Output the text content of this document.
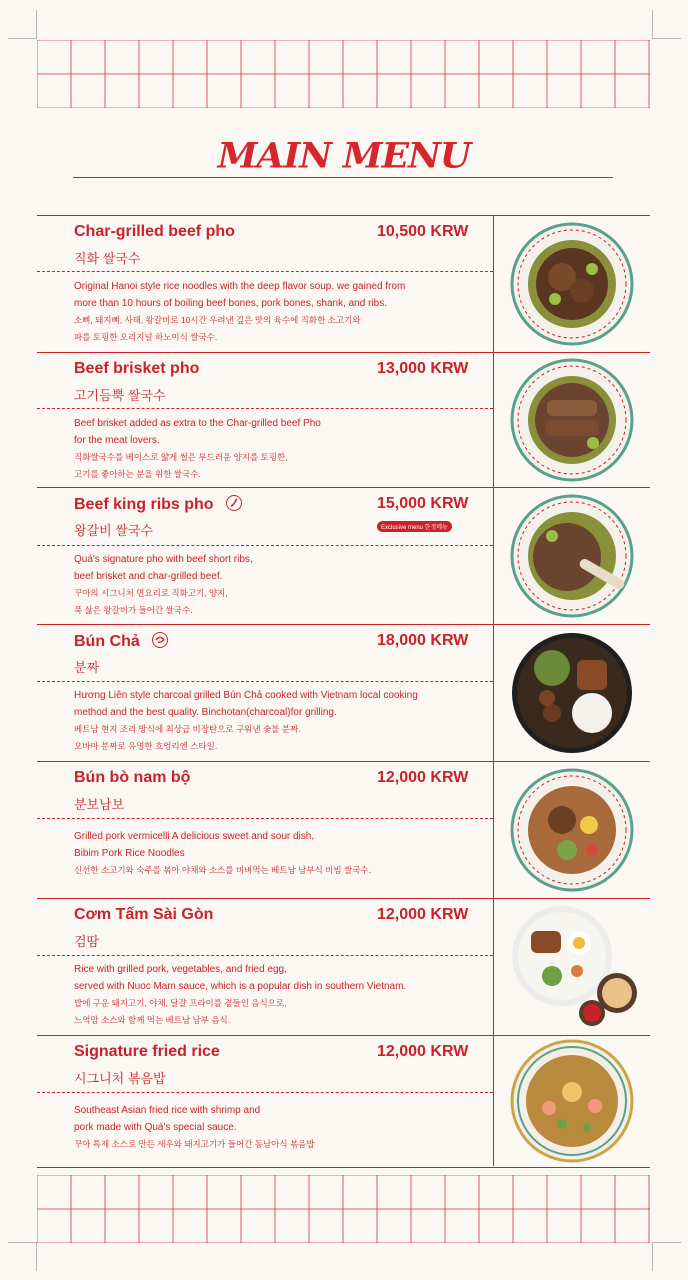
MAIN MENU
Char-grilled beef pho
직화 쌀국수
10,500 KRW
Original Hanoi style rice noodles with the deep flavor soup. we gained from
more than 10 hours of boiling beef bones, pork bones, shank, and ribs.
소뼈, 돼지뼈, 사태, 왕갈비로 10시간 우려낸 깊은 맛의 육수에 직화한 소고기와
파를 토핑한 오리지널 하노이식 쌀국수.
Beef brisket pho
고기듬뿍 쌀국수
13,000 KRW
Beef brisket added as extra to the Char-grilled beef Pho
for the meat lovers.
직화쌀국수를 베이스로 얇게 썰은 부드러운 양지를 토핑한,
고기를 좋아하는 분을 위한 쌀국수.
Beef king ribs pho
왕갈비 쌀국수
15,000 KRW
Exclusive menu 한정메뉴
Quá's signature pho with beef short ribs,
beef brisket and char-grilled beef.
꾸아의 시그니처 면요리로 직화고기, 양지,
푹 삶은 왕갈비가 들어간 쌀국수.
Bún Chả
분짜
18,000 KRW
Hương Liên style charcoal grilled Bún Chả cooked with Vietnam local cooking
method and the best quality. Binchotan(charcoal)for grilling.
베트남 현지 조리 방식에 최상급 비장탄으로 구워낸 숯불 분짜.
오바마 분짜로 유명한 흐엉리엔 스타일.
Bún bò nam bộ
분보남보
12,000 KRW
Grilled pork vermicelli A delicious sweet and sour dish,
Bibim Pork Rice Noodles
신선한 소고기와 숙주를 볶아 야채와 소스를 비벼먹는 베트남 남부식 비빔 쌀국수.
Cơm Tấm Sài Gòn
검땀
12,000 KRW
Rice with grilled pork, vegetables, and fried egg,
served with Nuoc Mam sauce, which is a popular dish in southern Vietnam.
밥에 구운 돼지고기, 야채, 달걀 프라이를 곁들인 음식으로,
느억맘 소스와 함께 먹는 베트남 남부 음식.
Signature fried rice
시그니처 볶음밥
12,000 KRW
Southeast Asian fried rice with shrimp and
pork made with Quá's special sauce.
꾸아 특제 소스로 만든 새우와 돼지고기가 들어간 동남아식 볶음밥
